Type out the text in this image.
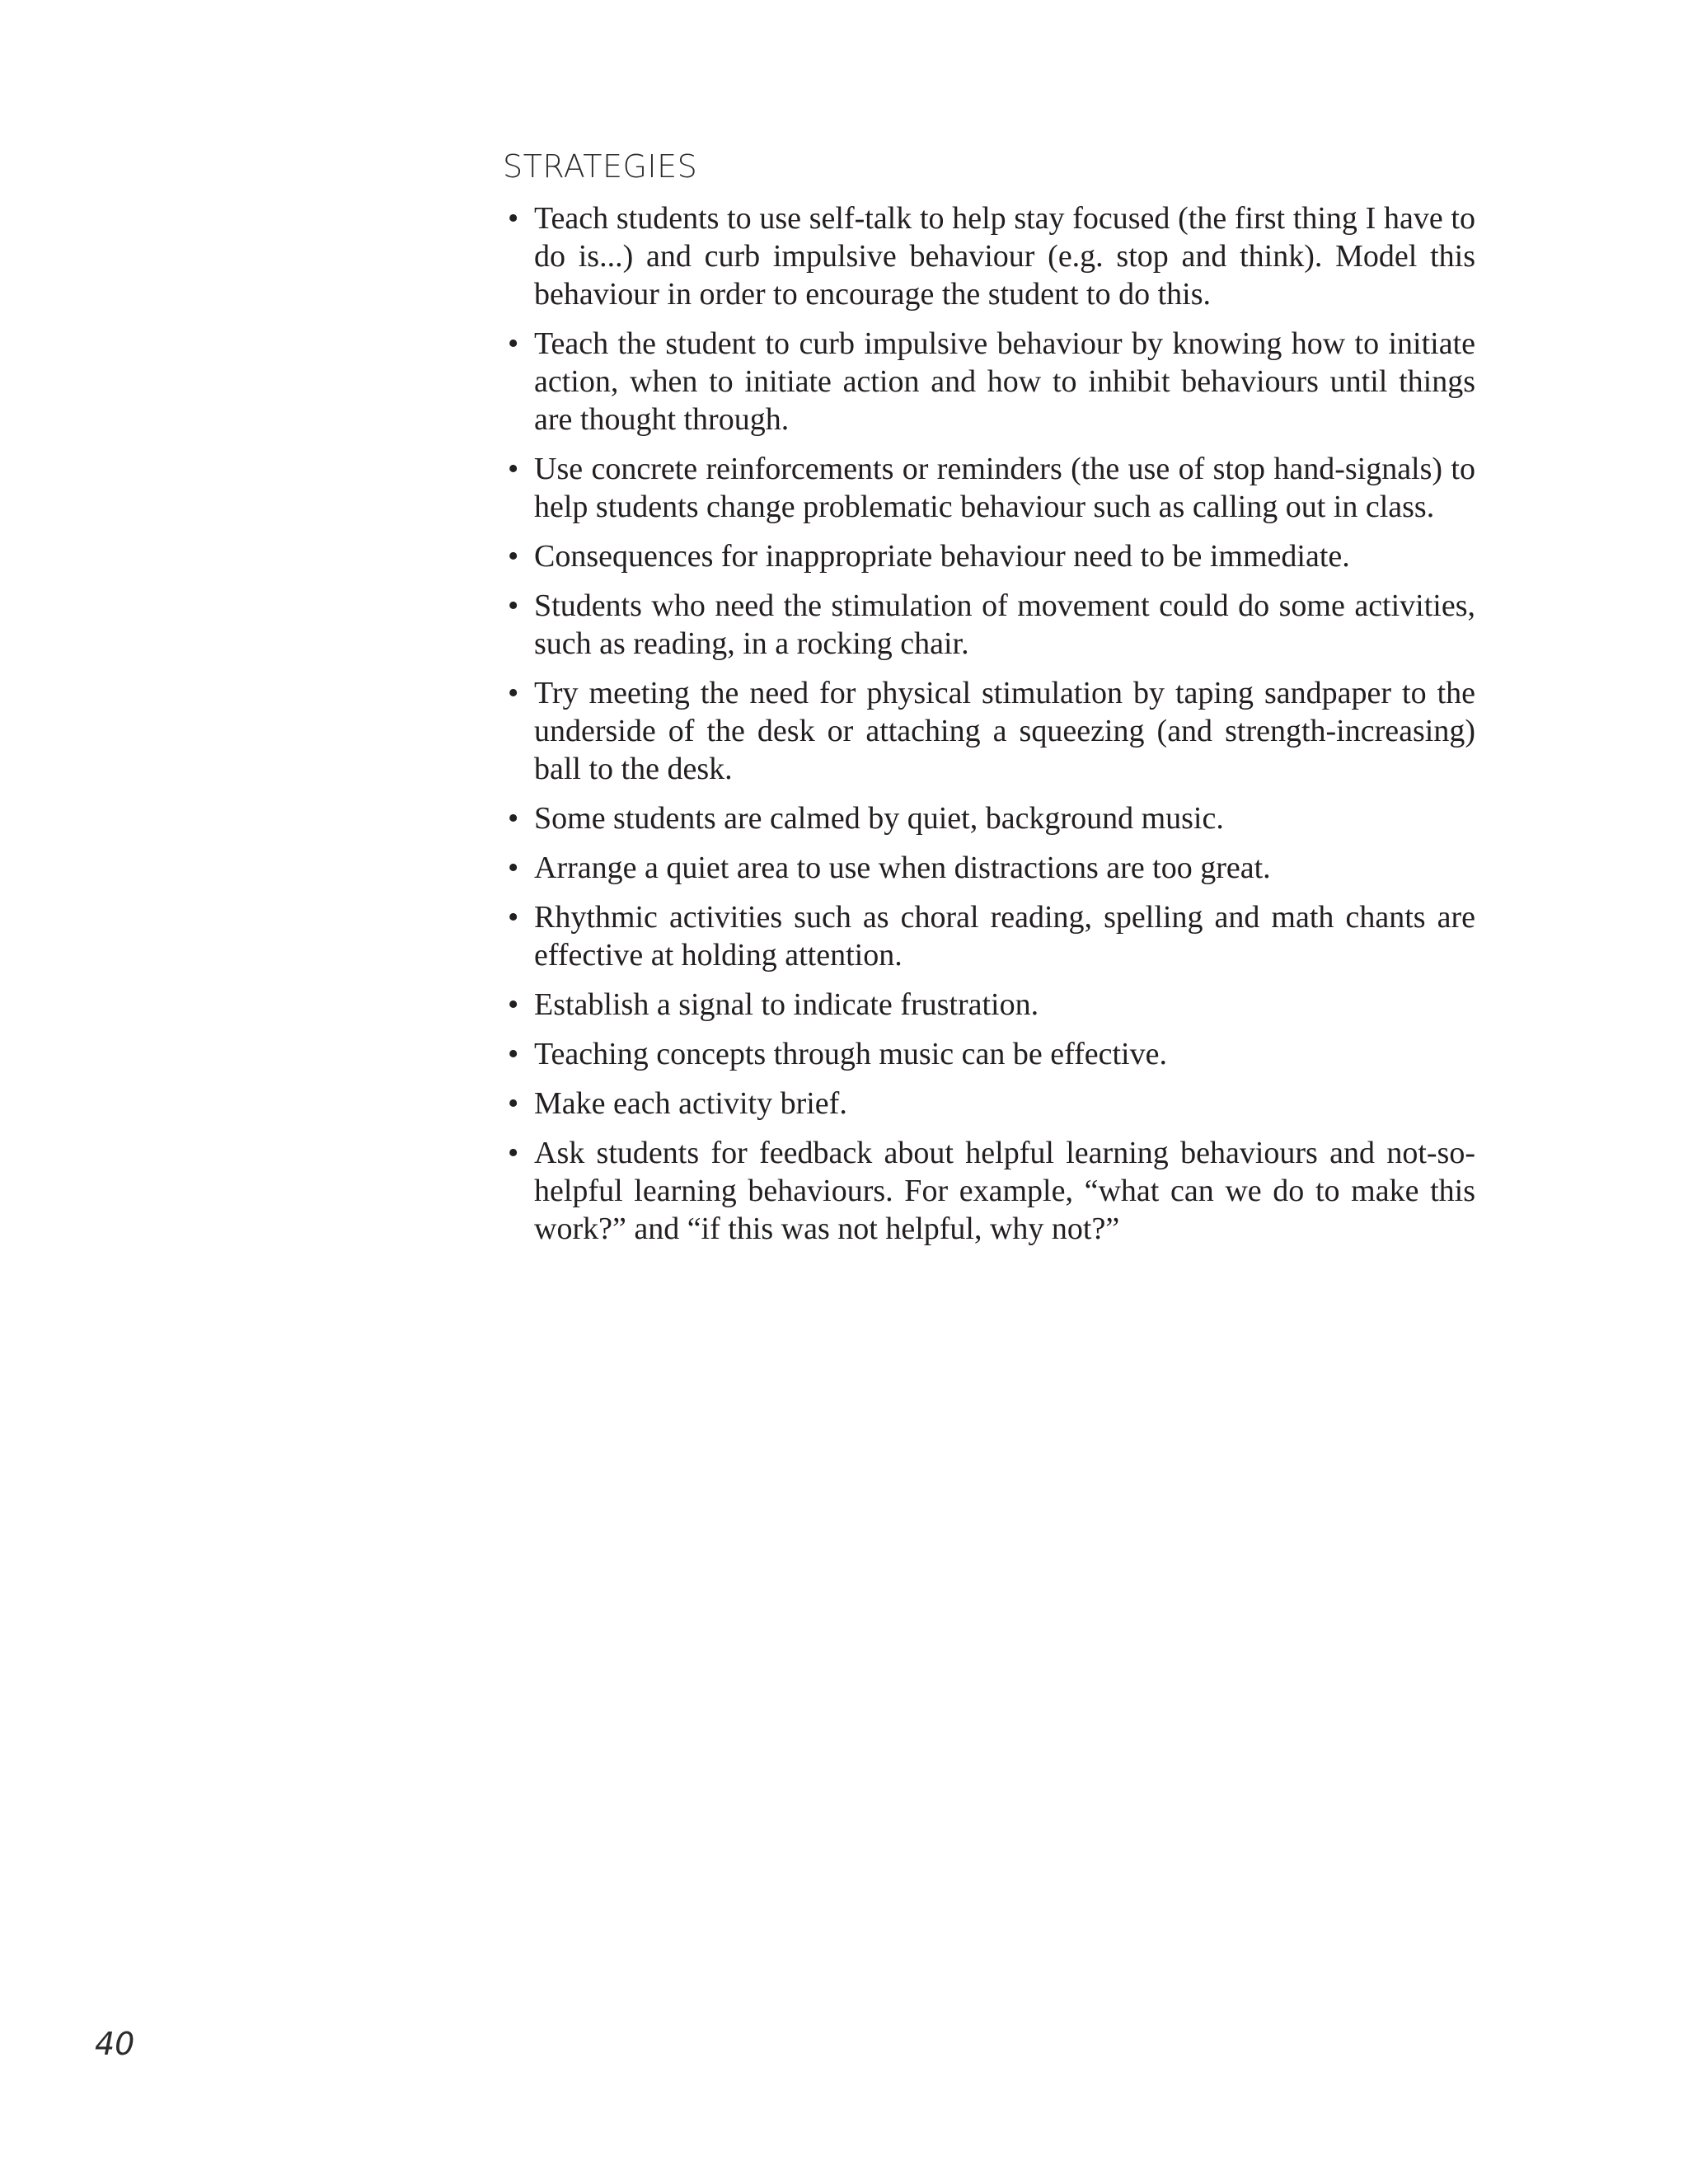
STRATEGIES
• Teach students to use self-talk to help stay focused (the first thing I have to do is...) and curb impulsive behaviour (e.g. stop and think). Model this behaviour in order to encourage the student to do this.
• Teach the student to curb impulsive behaviour by knowing how to initiate action, when to initiate action and how to inhibit behaviours until things are thought through.
• Use concrete reinforcements or reminders (the use of stop hand-signals) to help students change problematic behaviour such as calling out in class.
• Consequences for inappropriate behaviour need to be immediate.
• Students who need the stimulation of movement could do some activities, such as reading, in a rocking chair.
• Try meeting the need for physical stimulation by taping sandpaper to the underside of the desk or attaching a squeezing (and strength-increasing) ball to the desk.
• Some students are calmed by quiet, background music.
• Arrange a quiet area to use when distractions are too great.
• Rhythmic activities such as choral reading, spelling and math chants are effective at holding attention.
• Establish a signal to indicate frustration.
• Teaching concepts through music can be effective.
• Make each activity brief.
• Ask students for feedback about helpful learning behaviours and not-so-helpful learning behaviours. For example, “what can we do to make this work?” and “if this was not helpful, why not?”
40
